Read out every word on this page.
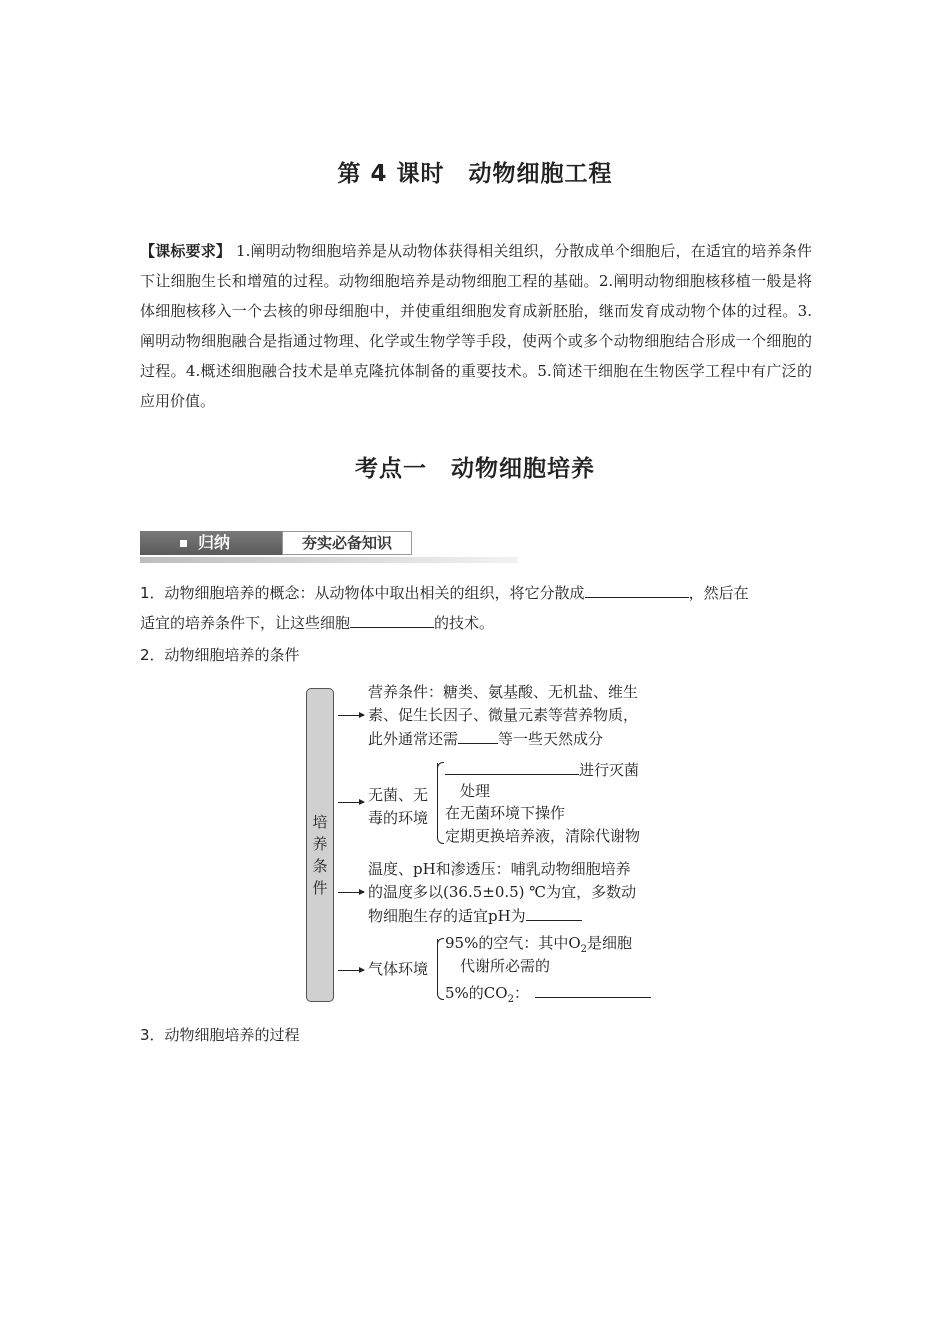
第 4 课时　动物细胞工程
【课标要求】 1.阐明动物细胞培养是从动物体获得相关组织，分散成单个细胞后，在适宜的培养条件下让细胞生长和增殖的过程。动物细胞培养是动物细胞工程的基础。2.阐明动物细胞核移植一般是将体细胞核移入一个去核的卵母细胞中，并使重组细胞发育成新胚胎，继而发育成动物个体的过程。3.阐明动物细胞融合是指通过物理、化学或生物学等手段，使两个或多个动物细胞结合形成一个细胞的过程。4.概述细胞融合技术是单克隆抗体制备的重要技术。5.简述干细胞在生物医学工程中有广泛的应用价值。
考点一　动物细胞培养
归纳	夯实必备知识
1．动物细胞培养的概念：从动物体中取出相关的组织，将它分散成	，然后在
适宜的培养条件下，让这些细胞	的技术。
2．动物细胞培养的条件
培养条件
营养条件：糖类、氨基酸、无机盐、维生
素、促生长因子、微量元素等营养物质，
此外通常还需	等一些天然成分
无菌、无
毒的环境
进行灭菌
处理
在无菌环境下操作
定期更换培养液，清除代谢物
温度、pH和渗透压：哺乳动物细胞培养
的温度多以(36.5±0.5) ℃为宜，多数动
物细胞生存的适宜pH为
气体环境
95%的空气：其中$O_2$是细胞
代谢所必需的
5%的$CO_2$：
3．动物细胞培养的过程
